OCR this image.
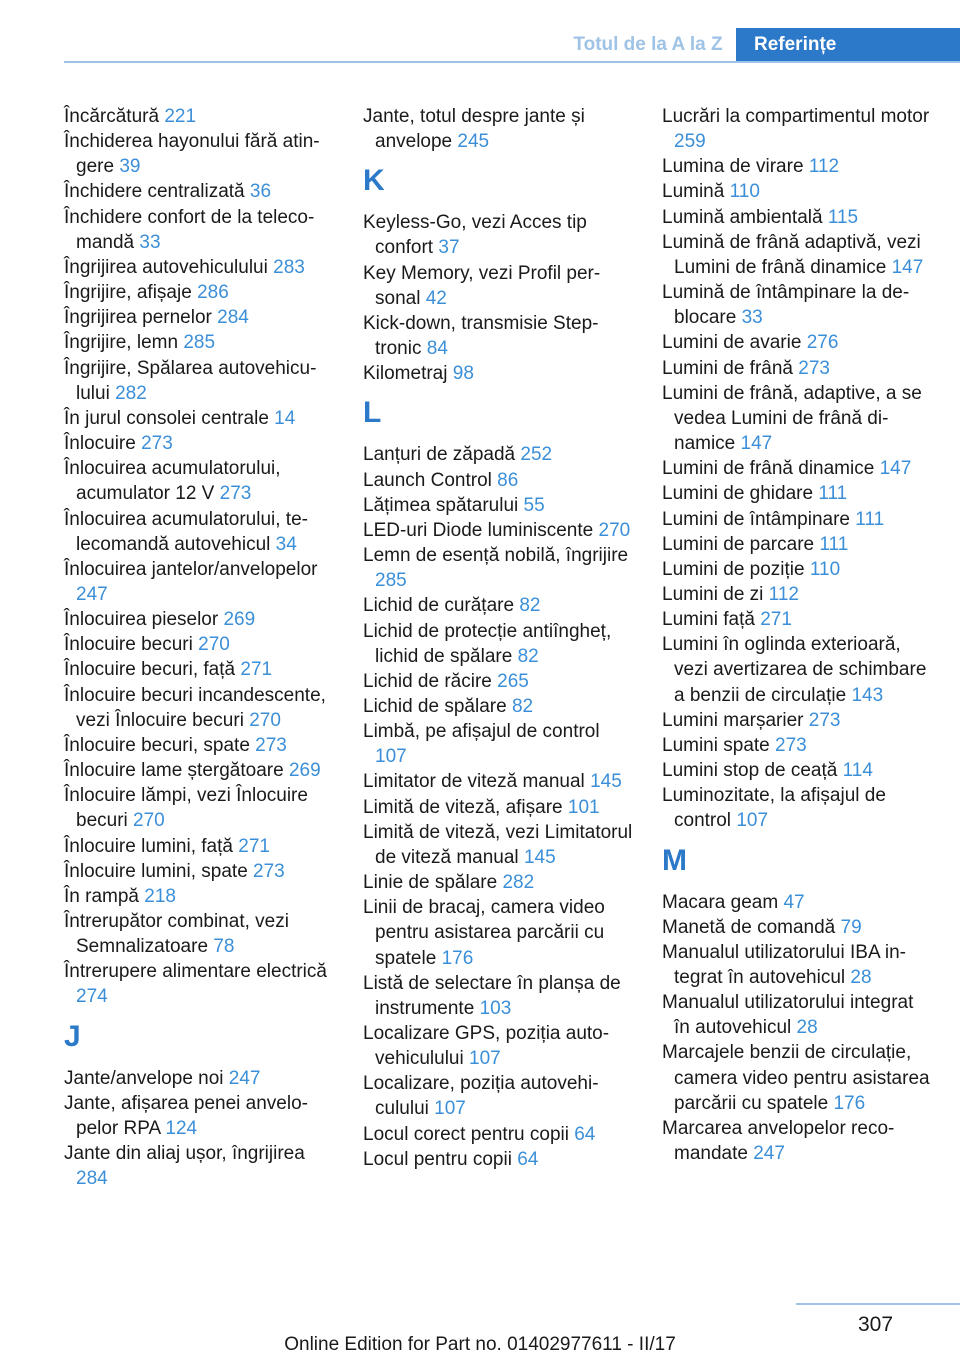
Totul de la A la Z	Referințe
Încărcătură 221
Închiderea hayonului fără atingere 39
Închidere centralizată 36
Închidere confort de la telecomandă 33
Îngrijirea autovehiculului 283
Îngrijire, afișaje 286
Îngrijirea pernelor 284
Îngrijire, lemn 285
Îngrijire, Spălarea autovehiculului 282
În jurul consolei centrale 14
Înlocuire 273
Înlocuirea acumulatorului, acumulator 12 V 273
Înlocuirea acumulatorului, telecomandă autovehicul 34
Înlocuirea jantelor/anvelopelor 247
Înlocuirea pieselor 269
Înlocuire becuri 270
Înlocuire becuri, față 271
Înlocuire becuri incandescente, vezi Înlocuire becuri 270
Înlocuire becuri, spate 273
Înlocuire lame ștergătoare 269
Înlocuire lămpi, vezi Înlocuire becuri 270
Înlocuire lumini, față 271
Înlocuire lumini, spate 273
În rampă 218
Întrerupător combinat, vezi Semnalizatoare 78
Întrerupere alimentare electrică 274
J
Jante/anvelope noi 247
Jante, afișarea penei anvelopelor RPA 124
Jante din aliaj ușor, îngrijirea 284
Jante, totul despre jante și anvelope 245
K
Keyless-Go, vezi Acces tip confort 37
Key Memory, vezi Profil personal 42
Kick-down, transmisie Steptronic 84
Kilometraj 98
L
Lanțuri de zăpadă 252
Launch Control 86
Lățimea spătarului 55
LED-uri Diode luminiscente 270
Lemn de esență nobilă, îngrijire 285
Lichid de curățare 82
Lichid de protecție antiîngheț, lichid de spălare 82
Lichid de răcire 265
Lichid de spălare 82
Limbă, pe afișajul de control 107
Limitator de viteză manual 145
Limită de viteză, afișare 101
Limită de viteză, vezi Limitatorul de viteză manual 145
Linie de spălare 282
Linii de bracaj, camera video pentru asistarea parcării cu spatele 176
Listă de selectare în planșa de instrumente 103
Localizare GPS, poziția autovehiculului 107
Localizare, poziția autovehiculului 107
Locul corect pentru copii 64
Locul pentru copii 64
Lucrări la compartimentul motor 259
Lumina de virare 112
Lumină 110
Lumină ambientală 115
Lumină de frână adaptivă, vezi Lumini de frână dinamice 147
Lumină de întâmpinare la deblocare 33
Lumini de avarie 276
Lumini de frână 273
Lumini de frână, adaptive, a se vedea Lumini de frână dinamice 147
Lumini de frână dinamice 147
Lumini de ghidare 111
Lumini de întâmpinare 111
Lumini de parcare 111
Lumini de poziție 110
Lumini de zi 112
Lumini față 271
Lumini în oglinda exterioară, vezi avertizarea de schimbare a benzii de circulație 143
Lumini marșarier 273
Lumini spate 273
Lumini stop de ceață 114
Luminozitate, la afișajul de control 107
M
Macara geam 47
Manetă de comandă 79
Manualul utilizatorului IBA integrat în autovehicul 28
Manualul utilizatorului integrat în autovehicul 28
Marcajele benzii de circulație, camera video pentru asistarea parcării cu spatele 176
Marcarea anvelopelor recomandate 247
307
Online Edition for Part no. 01402977611 - II/17
